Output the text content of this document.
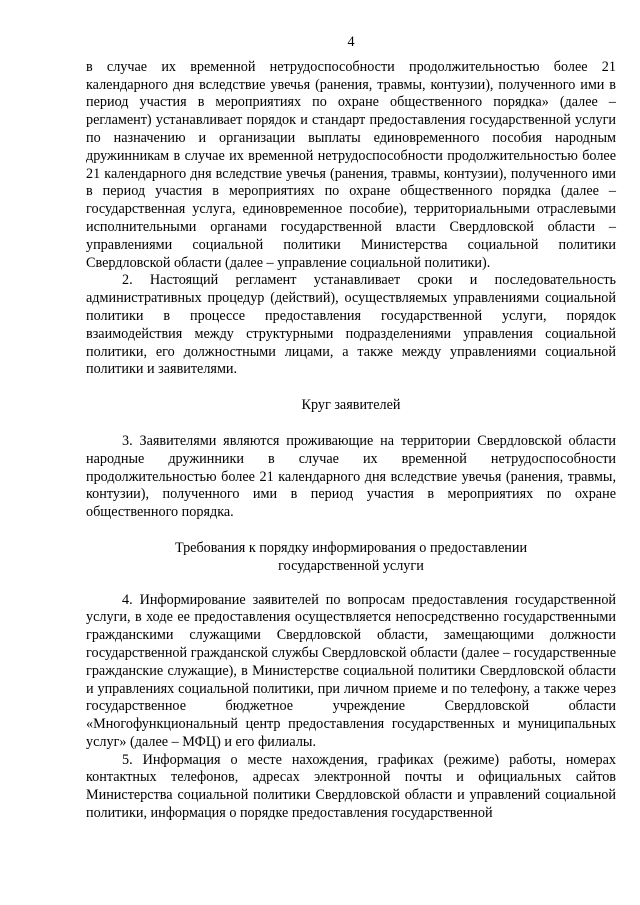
4

в случае их временной нетрудоспособности продолжительностью более 21 календарного дня вследствие увечья (ранения, травмы, контузии), полученного ими в период участия в мероприятиях по охране общественного порядка» (далее – регламент) устанавливает порядок и стандарт предоставления государственной услуги по назначению и организации выплаты единовременного пособия народным дружинникам в случае их временной нетрудоспособности продолжительностью более 21 календарного дня вследствие увечья (ранения, травмы, контузии), полученного ими в период участия в мероприятиях по охране общественного порядка (далее – государственная услуга, единовременное пособие), территориальными отраслевыми исполнительными органами государственной власти Свердловской области – управлениями социальной политики Министерства социальной политики Свердловской области (далее – управление социальной политики).

2. Настоящий регламент устанавливает сроки и последовательность административных процедур (действий), осуществляемых управлениями социальной политики в процессе предоставления государственной услуги, порядок взаимодействия между структурными подразделениями управления социальной политики, его должностными лицами, а также между управлениями социальной политики и заявителями.

Круг заявителей

3. Заявителями являются проживающие на территории Свердловской области народные дружинники в случае их временной нетрудоспособности продолжительностью более 21 календарного дня вследствие увечья (ранения, травмы, контузии), полученного ими в период участия в мероприятиях по охране общественного порядка.

Требования к порядку информирования о предоставлении

государственной услуги

4. Информирование заявителей по вопросам предоставления государственной услуги, в ходе ее предоставления осуществляется непосредственно государственными гражданскими служащими Свердловской области, замещающими должности государственной гражданской службы Свердловской области (далее – государственные гражданские служащие), в Министерстве социальной политики Свердловской области и управлениях социальной политики, при личном приеме и по телефону, а также через государственное бюджетное учреждение Свердловской области «Многофункциональный центр предоставления государственных и муниципальных услуг» (далее – МФЦ) и его филиалы.

5. Информация о месте нахождения, графиках (режиме) работы, номерах контактных телефонов, адресах электронной почты и официальных сайтов Министерства социальной политики Свердловской области и управлений социальной политики, информация о порядке предоставления государственной
